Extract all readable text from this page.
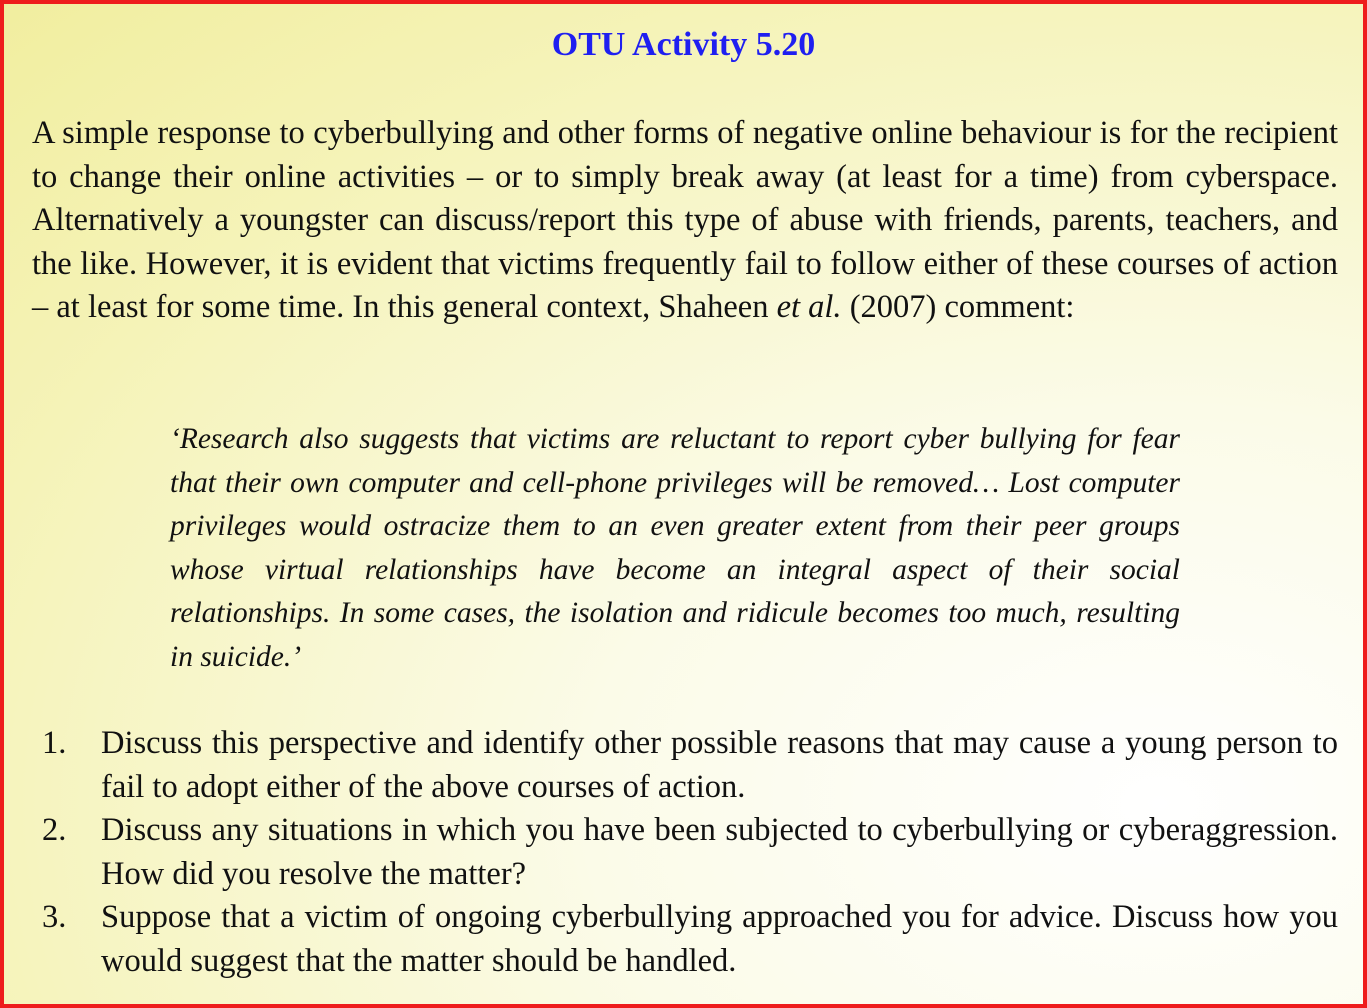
OTU Activity 5.20

A simple response to cyberbullying and other forms of negative online behaviour is for the recipient to change their online activities – or to simply break away (at least for a time) from cyberspace. Alternatively a youngster can discuss/report this type of abuse with friends, parents, teachers, and the like. However, it is evident that victims frequently fail to follow either of these courses of action – at least for some time. In this general context, Shaheen et al. (2007) comment:

‘Research also suggests that victims are reluctant to report cyber bullying for fear that their own computer and cell-phone privileges will be removed… Lost computer privileges would ostracize them to an even greater extent from their peer groups whose virtual relationships have become an integral aspect of their social relationships. In some cases, the isolation and ridicule becomes too much, resulting in suicide.’

1. Discuss this perspective and identify other possible reasons that may cause a young person to fail to adopt either of the above courses of action.
2. Discuss any situations in which you have been subjected to cyberbullying or cyberaggression. How did you resolve the matter?
3. Suppose that a victim of ongoing cyberbullying approached you for advice. Discuss how you would suggest that the matter should be handled.
